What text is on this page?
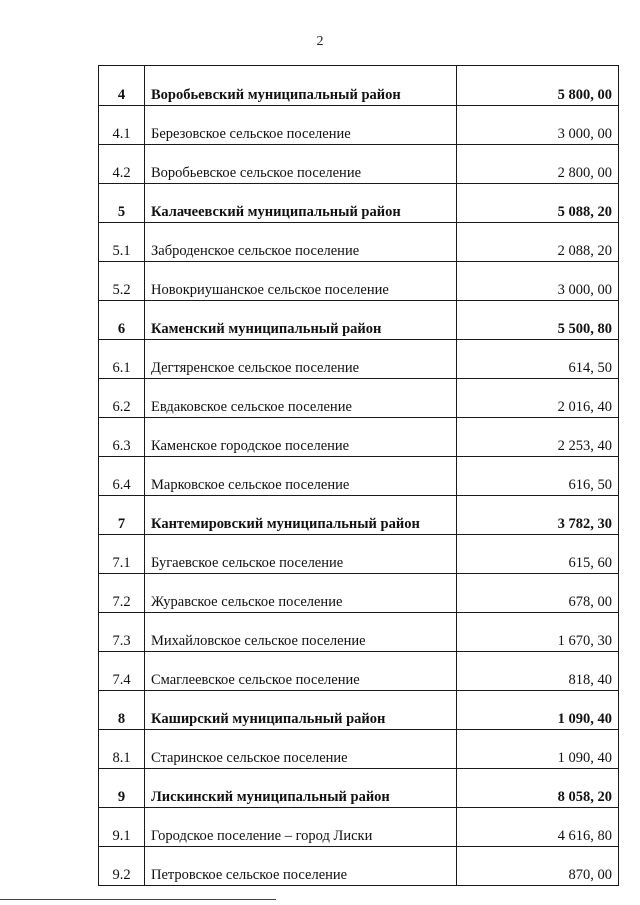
2
4	Воробьевский муниципальный район	5 800, 00
4.1	Березовское сельское поселение	3 000, 00
4.2	Воробьевское сельское поселение	2 800, 00
5	Калачеевский муниципальный район	5 088, 20
5.1	Заброденское сельское поселение	2 088, 20
5.2	Новокриушанское сельское поселение	3 000, 00
6	Каменский муниципальный район	5 500, 80
6.1	Дегтяренское сельское поселение	614, 50
6.2	Евдаковское сельское поселение	2 016, 40
6.3	Каменское городское поселение	2 253, 40
6.4	Марковское сельское поселение	616, 50
7	Кантемировский муниципальный район	3 782, 30
7.1	Бугаевское сельское поселение	615, 60
7.2	Журавское сельское поселение	678, 00
7.3	Михайловское сельское поселение	1 670, 30
7.4	Смаглеевское сельское поселение	818, 40
8	Каширский муниципальный район	1 090, 40
8.1	Старинское сельское поселение	1 090, 40
9	Лискинский муниципальный район	8 058, 20
9.1	Городское поселение – город Лиски	4 616, 80
9.2	Петровское сельское поселение	870, 00
